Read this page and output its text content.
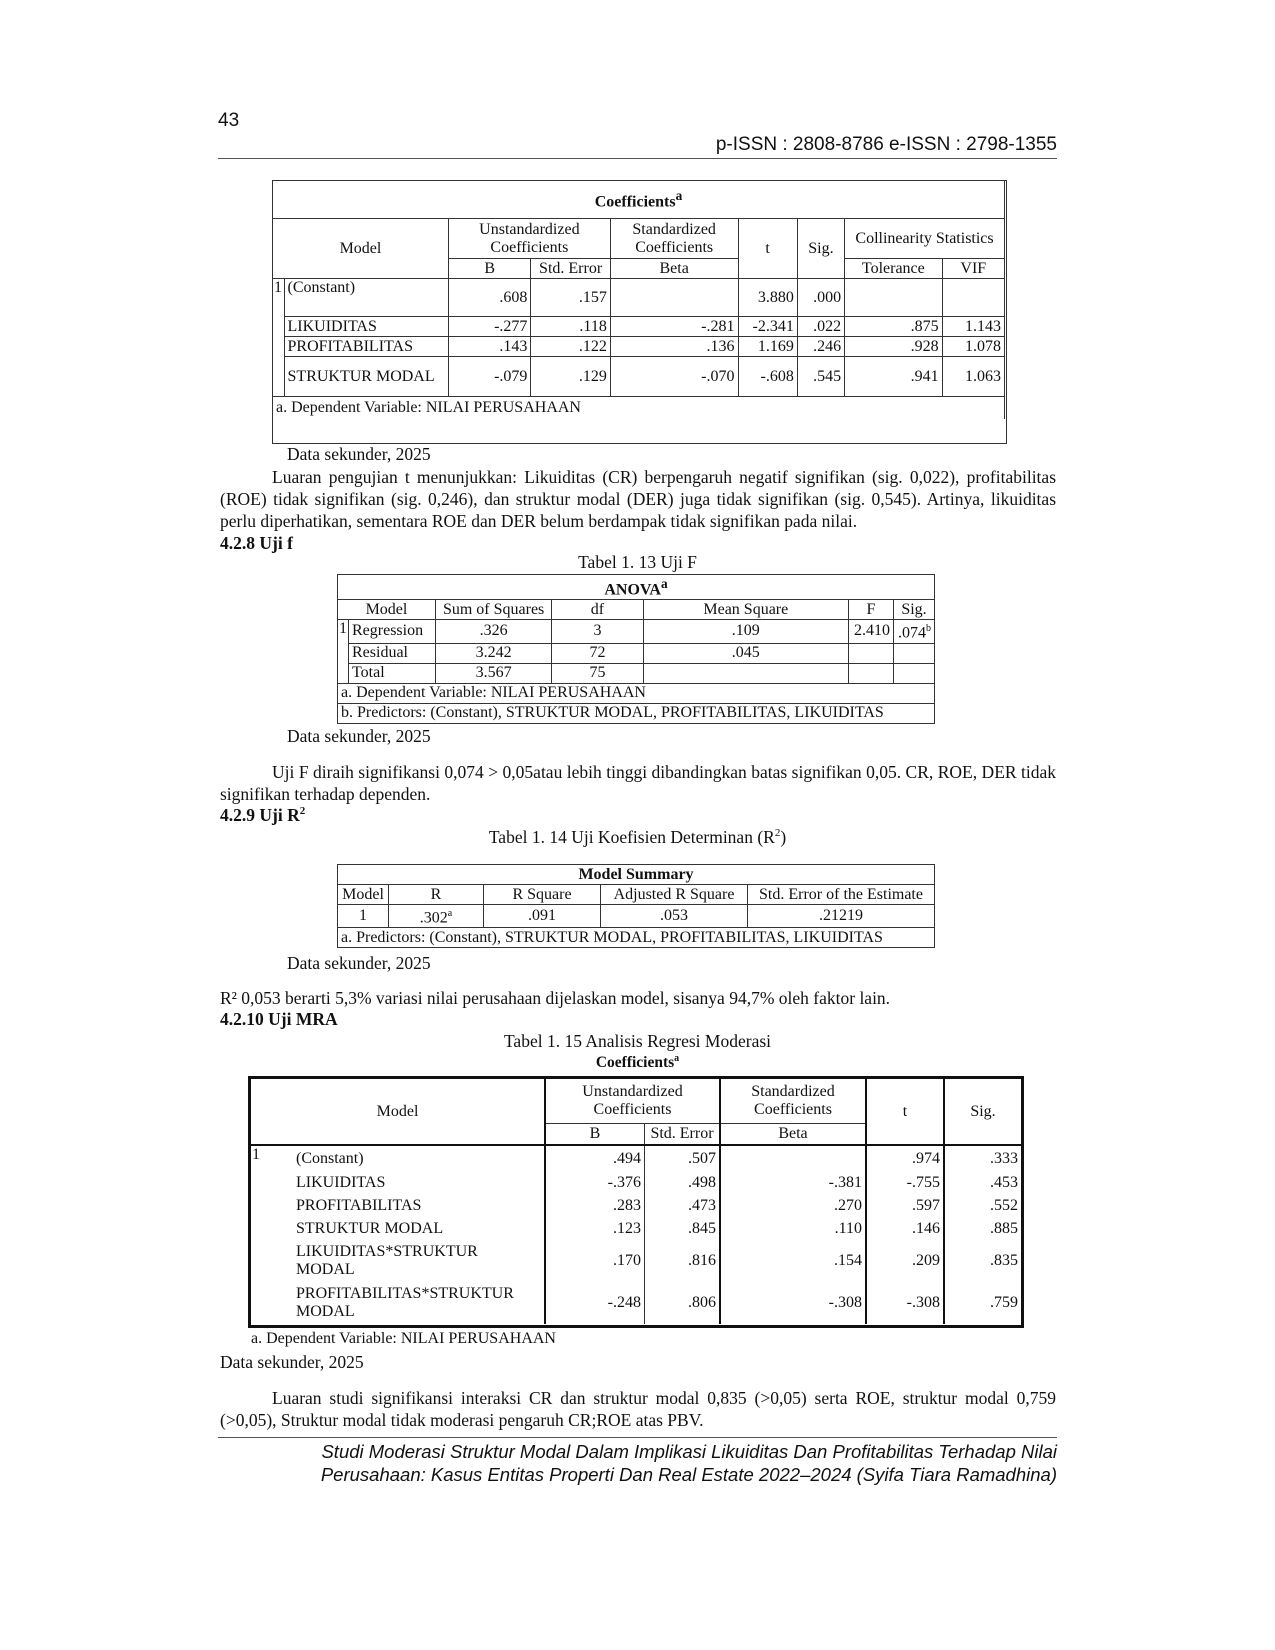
43
p-ISSN : 2808-8786 e-ISSN : 2798-1355
Coefficients$^a$
Model		Unstandardized Coefficients		Standardized Coefficients	t	Sig.	Collinearity Statistics	
		B	Std. Error	Beta			Tolerance	VIF
1	(Constant)	.608	.157		3.880	.000		
	LIKUIDITAS	-.277	.118	-.281	-2.341	.022	.875	1.143
	PROFITABILITAS	.143	.122	.136	1.169	.246	.928	1.078
	STRUKTUR MODAL	-.079	.129	-.070	-.608	.545	.941	1.063
a. Dependent Variable: NILAI PERUSAHAAN								
Data sekunder, 2025
Luaran pengujian t menunjukkan: Likuiditas (CR) berpengaruh negatif signifikan (sig. 0,022), profitabilitas (ROE) tidak signifikan (sig. 0,246), dan struktur modal (DER) juga tidak signifikan (sig. 0,545). Artinya, likuiditas perlu diperhatikan, sementara ROE dan DER belum berdampak tidak signifikan pada nilai.
4.2.8 Uji f
Tabel 1. 13 Uji F
ANOVA$^a$
Model		Sum of Squares	df	Mean Square	F	Sig.
1	Regression	.326	3	.109	2.410	.074$^b$
	Residual	3.242	72	.045		
	Total	3.567	75			
a. Dependent Variable: NILAI PERUSAHAAN						
b. Predictors: (Constant), STRUKTUR MODAL, PROFITABILITAS, LIKUIDITAS						
Data sekunder, 2025
Uji F diraih signifikansi 0,074 > 0,05atau lebih tinggi dibandingkan batas signifikan 0,05. CR, ROE, DER tidak signifikan terhadap dependen.
4.2.9 Uji $R^2$
Tabel 1. 14 Uji Koefisien Determinan $(R^2)$
Model Summary				
Model	R	R Square	Adjusted R Square	Std. Error of the Estimate
1	.302$^a$	.091	.053	.21219
a. Predictors: (Constant), STRUKTUR MODAL, PROFITABILITAS, LIKUIDITAS				
Data sekunder, 2025
R² 0,053 berarti 5,3% variasi nilai perusahaan dijelaskan model, sisanya 94,7% oleh faktor lain.
4.2.10 Uji MRA
Tabel 1. 15 Analisis Regresi Moderasi
Coefficients$^a$
Model		Unstandardized Coefficients		Standardized Coefficients	t	Sig.
		B	Std. Error	Beta		
1	(Constant)	.494	.507		.974	.333
	LIKUIDITAS	-.376	.498	-.381	-.755	.453
	PROFITABILITAS	.283	.473	.270	.597	.552
	STRUKTUR MODAL	.123	.845	.110	.146	.885
	LIKUIDITAS*STRUKTUR MODAL	.170	.816	.154	.209	.835
	PROFITABILITAS*STRUKTUR MODAL	-.248	.806	-.308	-.308	.759
a. Dependent Variable: NILAI PERUSAHAAN
Data sekunder, 2025
Luaran studi signifikansi interaksi CR dan struktur modal 0,835 (>0,05) serta ROE, struktur modal 0,759 (>0,05), Struktur modal tidak moderasi pengaruh CR;ROE atas PBV.
Studi Moderasi Struktur Modal Dalam Implikasi Likuiditas Dan Profitabilitas Terhadap Nilai
Perusahaan: Kasus Entitas Properti Dan Real Estate 2022–2024 (Syifa Tiara Ramadhina)
